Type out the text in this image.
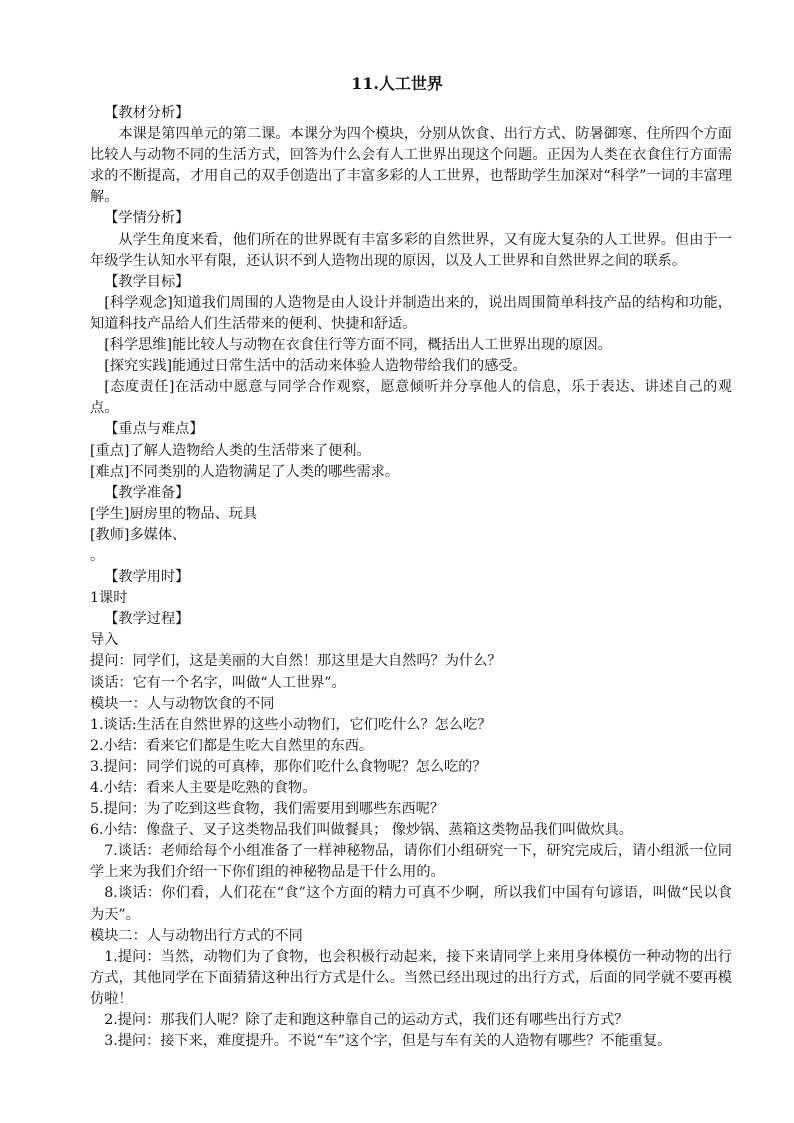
11.人工世界

【教材分析】

本课是第四单元的第二课。本课分为四个模块，分别从饮食、出行方式、防暑御寒、住所四个方面比较人与动物不同的生活方式，回答为什么会有人工世界出现这个问题。正因为人类在衣食住行方面需求的不断提高，才用自己的双手创造出了丰富多彩的人工世界，也帮助学生加深对“科学”一词的丰富理解。

【学情分析】

从学生角度来看，他们所在的世界既有丰富多彩的自然世界，又有庞大复杂的人工世界。但由于一年级学生认知水平有限，还认识不到人造物出现的原因，以及人工世界和自然世界之间的联系。

【教学目标】

[科学观念]知道我们周围的人造物是由人设计并制造出来的，说出周围简单科技产品的结构和功能，知道科技产品给人们生活带来的便利、快捷和舒适。

[科学思维]能比较人与动物在衣食住行等方面不同，概括出人工世界出现的原因。

[探究实践]能通过日常生活中的活动来体验人造物带给我们的感受。

[态度责任]在活动中愿意与同学合作观察，愿意倾听并分享他人的信息，乐于表达、讲述自己的观点。

【重点与难点】

[重点]了解人造物给人类的生活带来了便利。

[难点]不同类别的人造物满足了人类的哪些需求。

【教学准备】

[学生]厨房里的物品、玩具

[教师]多媒体、

。

【教学用时】

1课时

【教学过程】

导入

提问：同学们，这是美丽的大自然！那这里是大自然吗？为什么？

谈话：它有一个名字，叫做“人工世界”。

模块一：人与动物饮食的不同

1.谈话:生活在自然世界的这些小动物们，它们吃什么？怎么吃？

2.小结：看来它们都是生吃大自然里的东西。

3.提问：同学们说的可真棒，那你们吃什么食物呢？怎么吃的？

4.小结：看来人主要是吃熟的食物。

5.提问：为了吃到这些食物，我们需要用到哪些东西呢？

6.小结：像盘子、叉子这类物品我们叫做餐具； 像炒锅、蒸箱这类物品我们叫做炊具。

7.谈话：老师给每个小组准备了一样神秘物品，请你们小组研究一下，研究完成后，请小组派一位同学上来为我们介绍一下你们组的神秘物品是干什么用的。

8.谈话：你们看，人们花在“食”这个方面的精力可真不少啊，所以我们中国有句谚语，叫做“民以食为天”。

模块二：人与动物出行方式的不同

1.提问：当然，动物们为了食物，也会积极行动起来，接下来请同学上来用身体模仿一种动物的出行方式，其他同学在下面猜猜这种出行方式是什么。当然已经出现过的出行方式，后面的同学就不要再模仿啦！

2.提问：那我们人呢？除了走和跑这种靠自己的运动方式，我们还有哪些出行方式？

3.提问：接下来，难度提升。不说“车”这个字，但是与车有关的人造物有哪些？不能重复。
